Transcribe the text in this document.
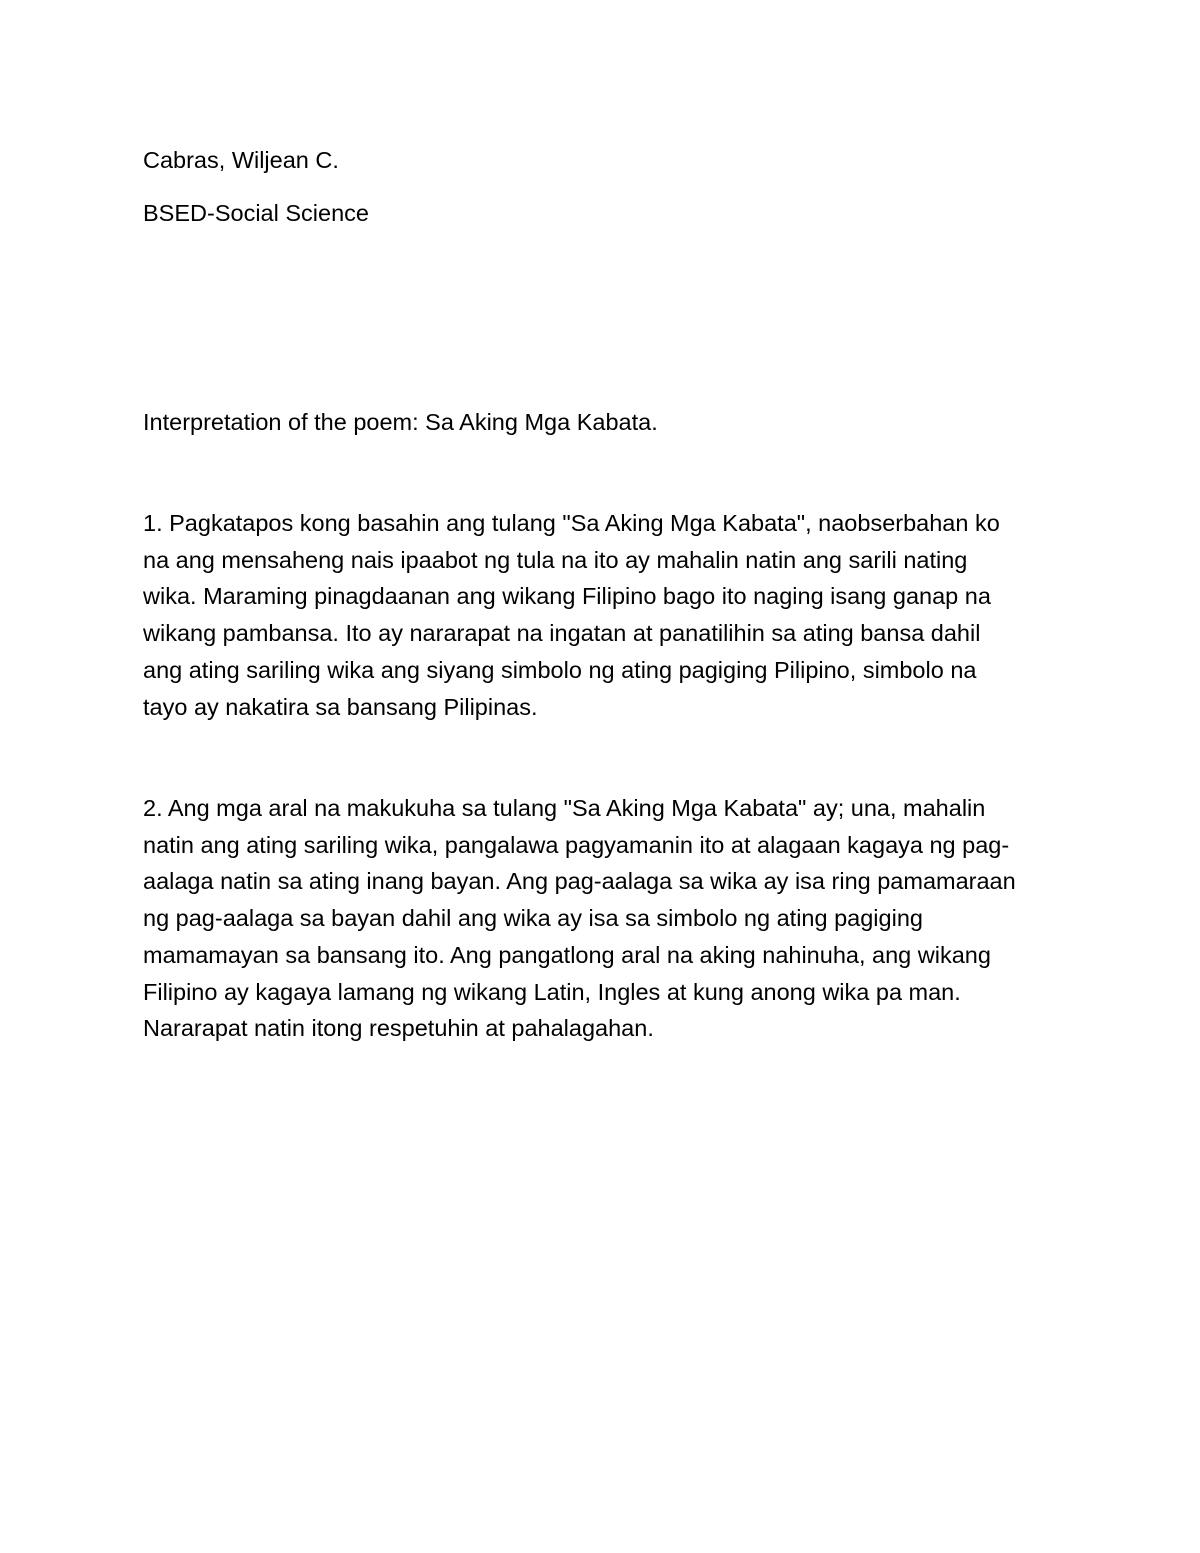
Cabras, Wiljean C.

BSED-Social Science

Interpretation of the poem: Sa Aking Mga Kabata.

1. Pagkatapos kong basahin ang tulang "Sa Aking Mga Kabata", naobserbahan ko
na ang mensaheng nais ipaabot ng tula na ito ay mahalin natin ang sarili nating
wika. Maraming pinagdaanan ang wikang Filipino bago ito naging isang ganap na
wikang pambansa. Ito ay nararapat na ingatan at panatilihin sa ating bansa dahil
ang ating sariling wika ang siyang simbolo ng ating pagiging Pilipino, simbolo na
tayo ay nakatira sa bansang Pilipinas.

2. Ang mga aral na makukuha sa tulang "Sa Aking Mga Kabata" ay; una, mahalin
natin ang ating sariling wika, pangalawa pagyamanin ito at alagaan kagaya ng pag-
aalaga natin sa ating inang bayan. Ang pag-aalaga sa wika ay isa ring pamamaraan
ng pag-aalaga sa bayan dahil ang wika ay isa sa simbolo ng ating pagiging
mamamayan sa bansang ito. Ang pangatlong aral na aking nahinuha, ang wikang
Filipino ay kagaya lamang ng wikang Latin, Ingles at kung anong wika pa man.
Nararapat natin itong respetuhin at pahalagahan.
